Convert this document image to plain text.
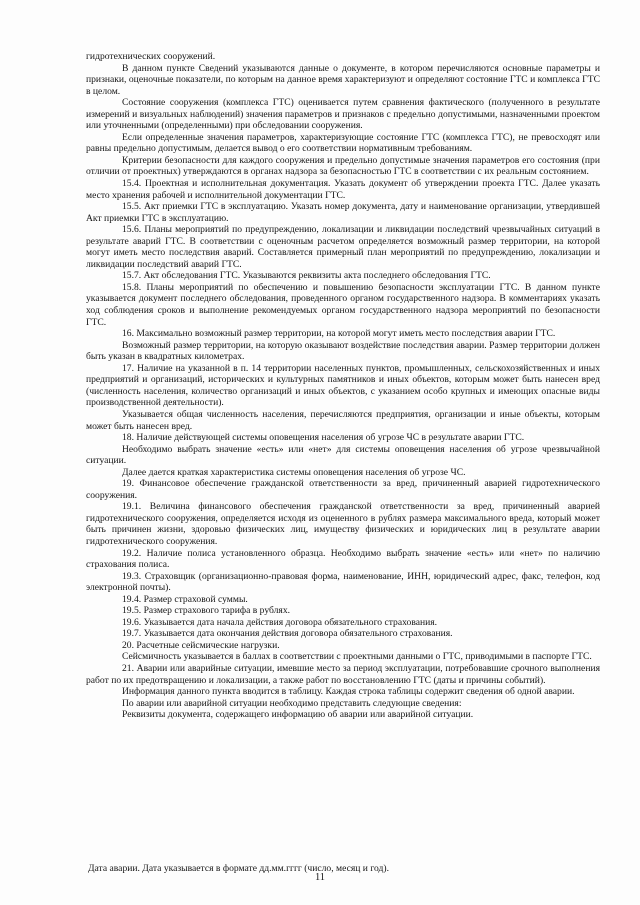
гидротехнических сооружений.

В данном пункте Сведений указываются данные о документе, в котором перечисляются основные параметры и признаки, оценочные показатели, по которым на данное время характеризуют и определяют состояние ГТС и комплекса ГТС в целом.

Состояние сооружения (комплекса ГТС) оценивается путем сравнения фактического (полученного в результате измерений и визуальных наблюдений) значения параметров и признаков с предельно допустимыми, назначенными проектом или уточненными (определенными) при обследовании сооружения.

Если определенные значения параметров, характеризующие состояние ГТС (комплекса ГТС), не превосходят или равны предельно допустимым, делается вывод о его соответствии нормативным требованиям.

Критерии безопасности для каждого сооружения и предельно допустимые значения параметров его состояния (при отличии от проектных) утверждаются в органах надзора за безопасностью ГТС в соответствии с их реальным состоянием.

15.4. Проектная и исполнительная документация. Указать документ об утверждении проекта ГТС. Далее указать место хранения рабочей и исполнительной документации ГТС.

15.5. Акт приемки ГТС в эксплуатацию. Указать номер документа, дату и наименование организации, утвердившей Акт приемки ГТС в эксплуатацию.

15.6. Планы мероприятий по предупреждению, локализации и ликвидации последствий чрезвычайных ситуаций в результате аварий ГТС. В соответствии с оценочным расчетом определяется возможный размер территории, на которой могут иметь место последствия аварий. Составляется примерный план мероприятий по предупреждению, локализации и ликвидации последствий аварий ГТС.

15.7. Акт обследования ГТС. Указываются реквизиты акта последнего обследования ГТС.

15.8. Планы мероприятий по обеспечению и повышению безопасности эксплуатации ГТС. В данном пункте указывается документ последнего обследования, проведенного органом государственного надзора. В комментариях указать ход соблюдения сроков и выполнение рекомендуемых органом государственного надзора мероприятий по безопасности ГТС.

16. Максимально возможный размер территории, на которой могут иметь место последствия аварии ГТС.

Возможный размер территории, на которую оказывают воздействие последствия аварии. Размер территории должен быть указан в квадратных километрах.

17. Наличие на указанной в п. 14 территории населенных пунктов, промышленных, сельскохозяйственных и иных предприятий и организаций, исторических и культурных памятников и иных объектов, которым может быть нанесен вред (численность населения, количество организаций и иных объектов, с указанием особо крупных и имеющих опасные виды производственной деятельности).

Указывается общая численность населения, перечисляются предприятия, организации и иные объекты, которым может быть нанесен вред.

18. Наличие действующей системы оповещения населения об угрозе ЧС в результате аварии ГТС.

Необходимо выбрать значение «есть» или «нет» для системы оповещения населения об угрозе чрезвычайной ситуации.

Далее дается краткая характеристика системы оповещения населения об угрозе ЧС.

19. Финансовое обеспечение гражданской ответственности за вред, причиненный аварией гидротехнического сооружения.

19.1. Величина финансового обеспечения гражданской ответственности за вред, причиненный аварией гидротехнического сооружения, определяется исходя из оцененного в рублях размера максимального вреда, который может быть причинен жизни, здоровью физических лиц, имуществу физических и юридических лиц в результате аварии гидротехнического сооружения.

19.2. Наличие полиса установленного образца. Необходимо выбрать значение «есть» или «нет» по наличию страхования полиса.

19.3. Страховщик (организационно-правовая форма, наименование, ИНН, юридический адрес, факс, телефон, код электронной почты).

19.4. Размер страховой суммы.

19.5. Размер страхового тарифа в рублях.

19.6. Указывается дата начала действия договора обязательного страхования.

19.7. Указывается дата окончания действия договора обязательного страхования.

20. Расчетные сейсмические нагрузки.

Сейсмичность указывается в баллах в соответствии с проектными данными о ГТС, приводимыми в паспорте ГТС.

21. Аварии или аварийные ситуации, имевшие место за период эксплуатации, потребовавшие срочного выполнения работ по их предотвращению и локализации, а также работ по восстановлению ГТС (даты и причины событий).

Информация данного пункта вводится в таблицу. Каждая строка таблицы содержит сведения об одной аварии.

По аварии или аварийной ситуации необходимо представить следующие сведения:

Реквизиты документа, содержащего информацию об аварии или аварийной ситуации.

Дата аварии. Дата указывается в формате дд.мм.гггг (число, месяц и год).

11
